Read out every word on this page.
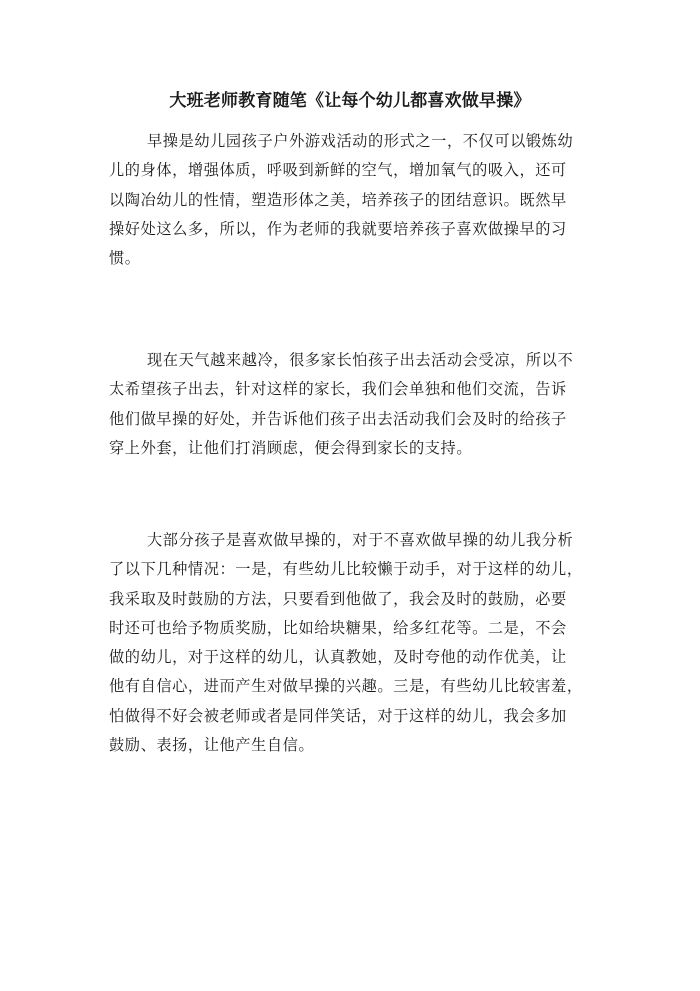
大班老师教育随笔《让每个幼儿都喜欢做早操》
早操是幼儿园孩子户外游戏活动的形式之一，不仅可以锻炼幼
儿的身体，增强体质，呼吸到新鲜的空气，增加氧气的吸入，还可
以陶冶幼儿的性情，塑造形体之美，培养孩子的团结意识。既然早
操好处这么多，所以，作为老师的我就要培养孩子喜欢做操早的习
惯。
现在天气越来越冷，很多家长怕孩子出去活动会受凉，所以不
太希望孩子出去，针对这样的家长，我们会单独和他们交流，告诉
他们做早操的好处，并告诉他们孩子出去活动我们会及时的给孩子
穿上外套，让他们打消顾虑，便会得到家长的支持。
大部分孩子是喜欢做早操的，对于不喜欢做早操的幼儿我分析
了以下几种情况：一是，有些幼儿比较懒于动手，对于这样的幼儿，
我采取及时鼓励的方法，只要看到他做了，我会及时的鼓励，必要
时还可也给予物质奖励，比如给块糖果，给多红花等。二是，不会
做的幼儿，对于这样的幼儿，认真教她，及时夸他的动作优美，让
他有自信心，进而产生对做早操的兴趣。三是，有些幼儿比较害羞，
怕做得不好会被老师或者是同伴笑话，对于这样的幼儿，我会多加
鼓励、表扬，让他产生自信。
